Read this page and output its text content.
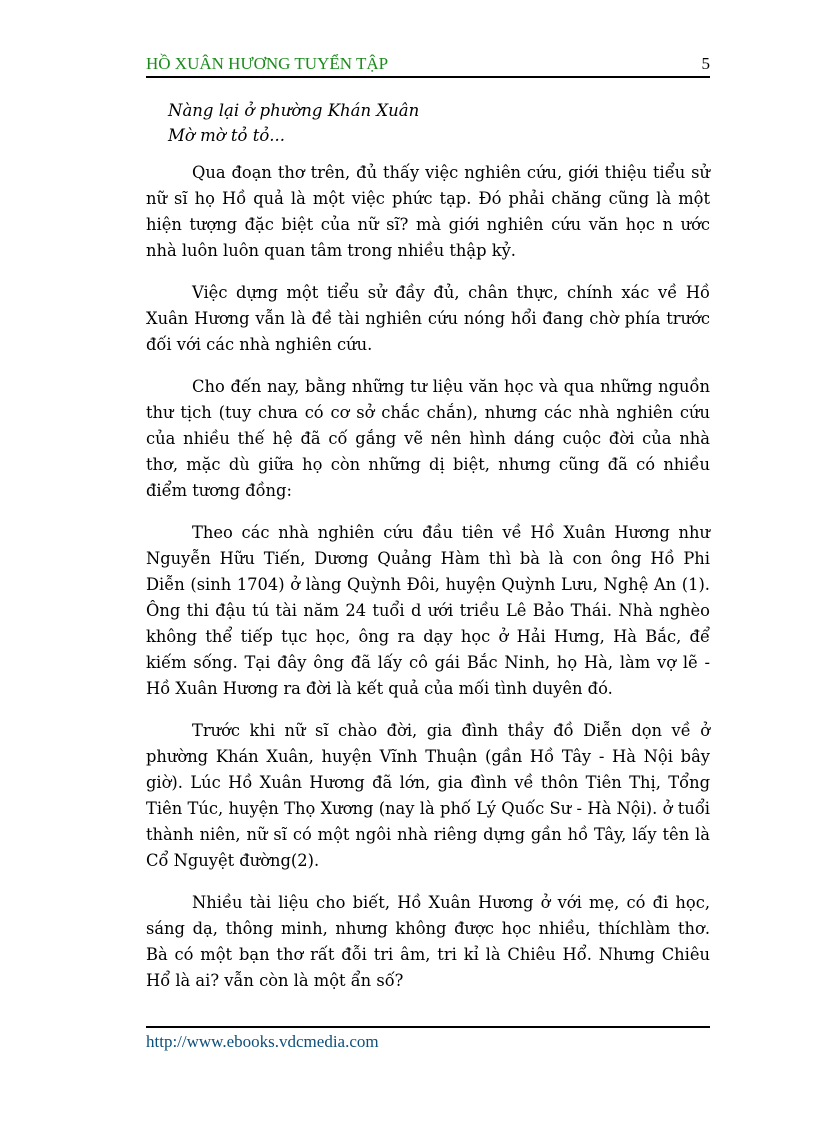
HỒ XUÂN HƯƠNG TUYỂN TẬP	5
Nàng lại ở phường Khán Xuân
Mờ mờ tỏ tỏ...

Qua đoạn thơ trên, đủ thấy việc nghiên cứu, giới thiệu tiểu sử nữ sĩ họ Hồ quả là một việc phức tạp. Đó phải chăng cũng là một hiện tượng đặc biệt của nữ sĩ? mà giới nghiên cứu văn học n ước nhà luôn luôn quan tâm trong nhiều thập kỷ.

Việc dựng một tiểu sử đầy đủ, chân thực, chính xác về Hồ Xuân Hương vẫn là đề tài nghiên cứu nóng hổi đang chờ phía trước đối với các nhà nghiên cứu.

Cho đến nay, bằng những tư liệu văn học và qua những nguồn thư tịch (tuy chưa có cơ sở chắc chắn), nhưng các nhà nghiên cứu của nhiều thế hệ đã cố gắng vẽ nên hình dáng cuộc đời của nhà thơ, mặc dù giữa họ còn những dị biệt, nhưng cũng đã có nhiều điểm tương đồng:

Theo các nhà nghiên cứu đầu tiên về Hồ Xuân Hương như Nguyễn Hữu Tiến, Dương Quảng Hàm thì bà là con ông Hồ Phi Diễn (sinh 1704) ở làng Quỳnh Đôi, huyện Quỳnh Lưu, Nghệ An (1). Ông thi đậu tú tài năm 24 tuổi d ưới triều Lê Bảo Thái. Nhà nghèo không thể tiếp tục học, ông ra dạy học ở Hải Hưng, Hà Bắc, để kiếm sống. Tại đây ông đã lấy cô gái Bắc Ninh, họ Hà, làm vợ lẽ - Hồ Xuân Hương ra đời là kết quả của mối tình duyên đó.

Trước khi nữ sĩ chào đời, gia đình thầy đồ Diễn dọn về ở phường Khán Xuân, huyện Vĩnh Thuận (gần Hồ Tây - Hà Nội bây giờ). Lúc Hồ Xuân Hương đã lớn, gia đình về thôn Tiên Thị, Tổng Tiên Túc, huyện Thọ Xương (nay là phố Lý Quốc Sư - Hà Nội). ở tuổi thành niên, nữ sĩ có một ngôi nhà riêng dựng gần hồ Tây, lấy tên là Cổ Nguyệt đường(2).

Nhiều tài liệu cho biết, Hồ Xuân Hương ở với mẹ, có đi học, sáng dạ, thông minh, nhưng không được học nhiều, thíchlàm thơ. Bà có một bạn thơ rất đỗi tri âm, tri kỉ là Chiêu Hổ. Nhưng Chiêu Hổ là ai? vẫn còn là một ẩn số?

http://www.ebooks.vdcmedia.com
